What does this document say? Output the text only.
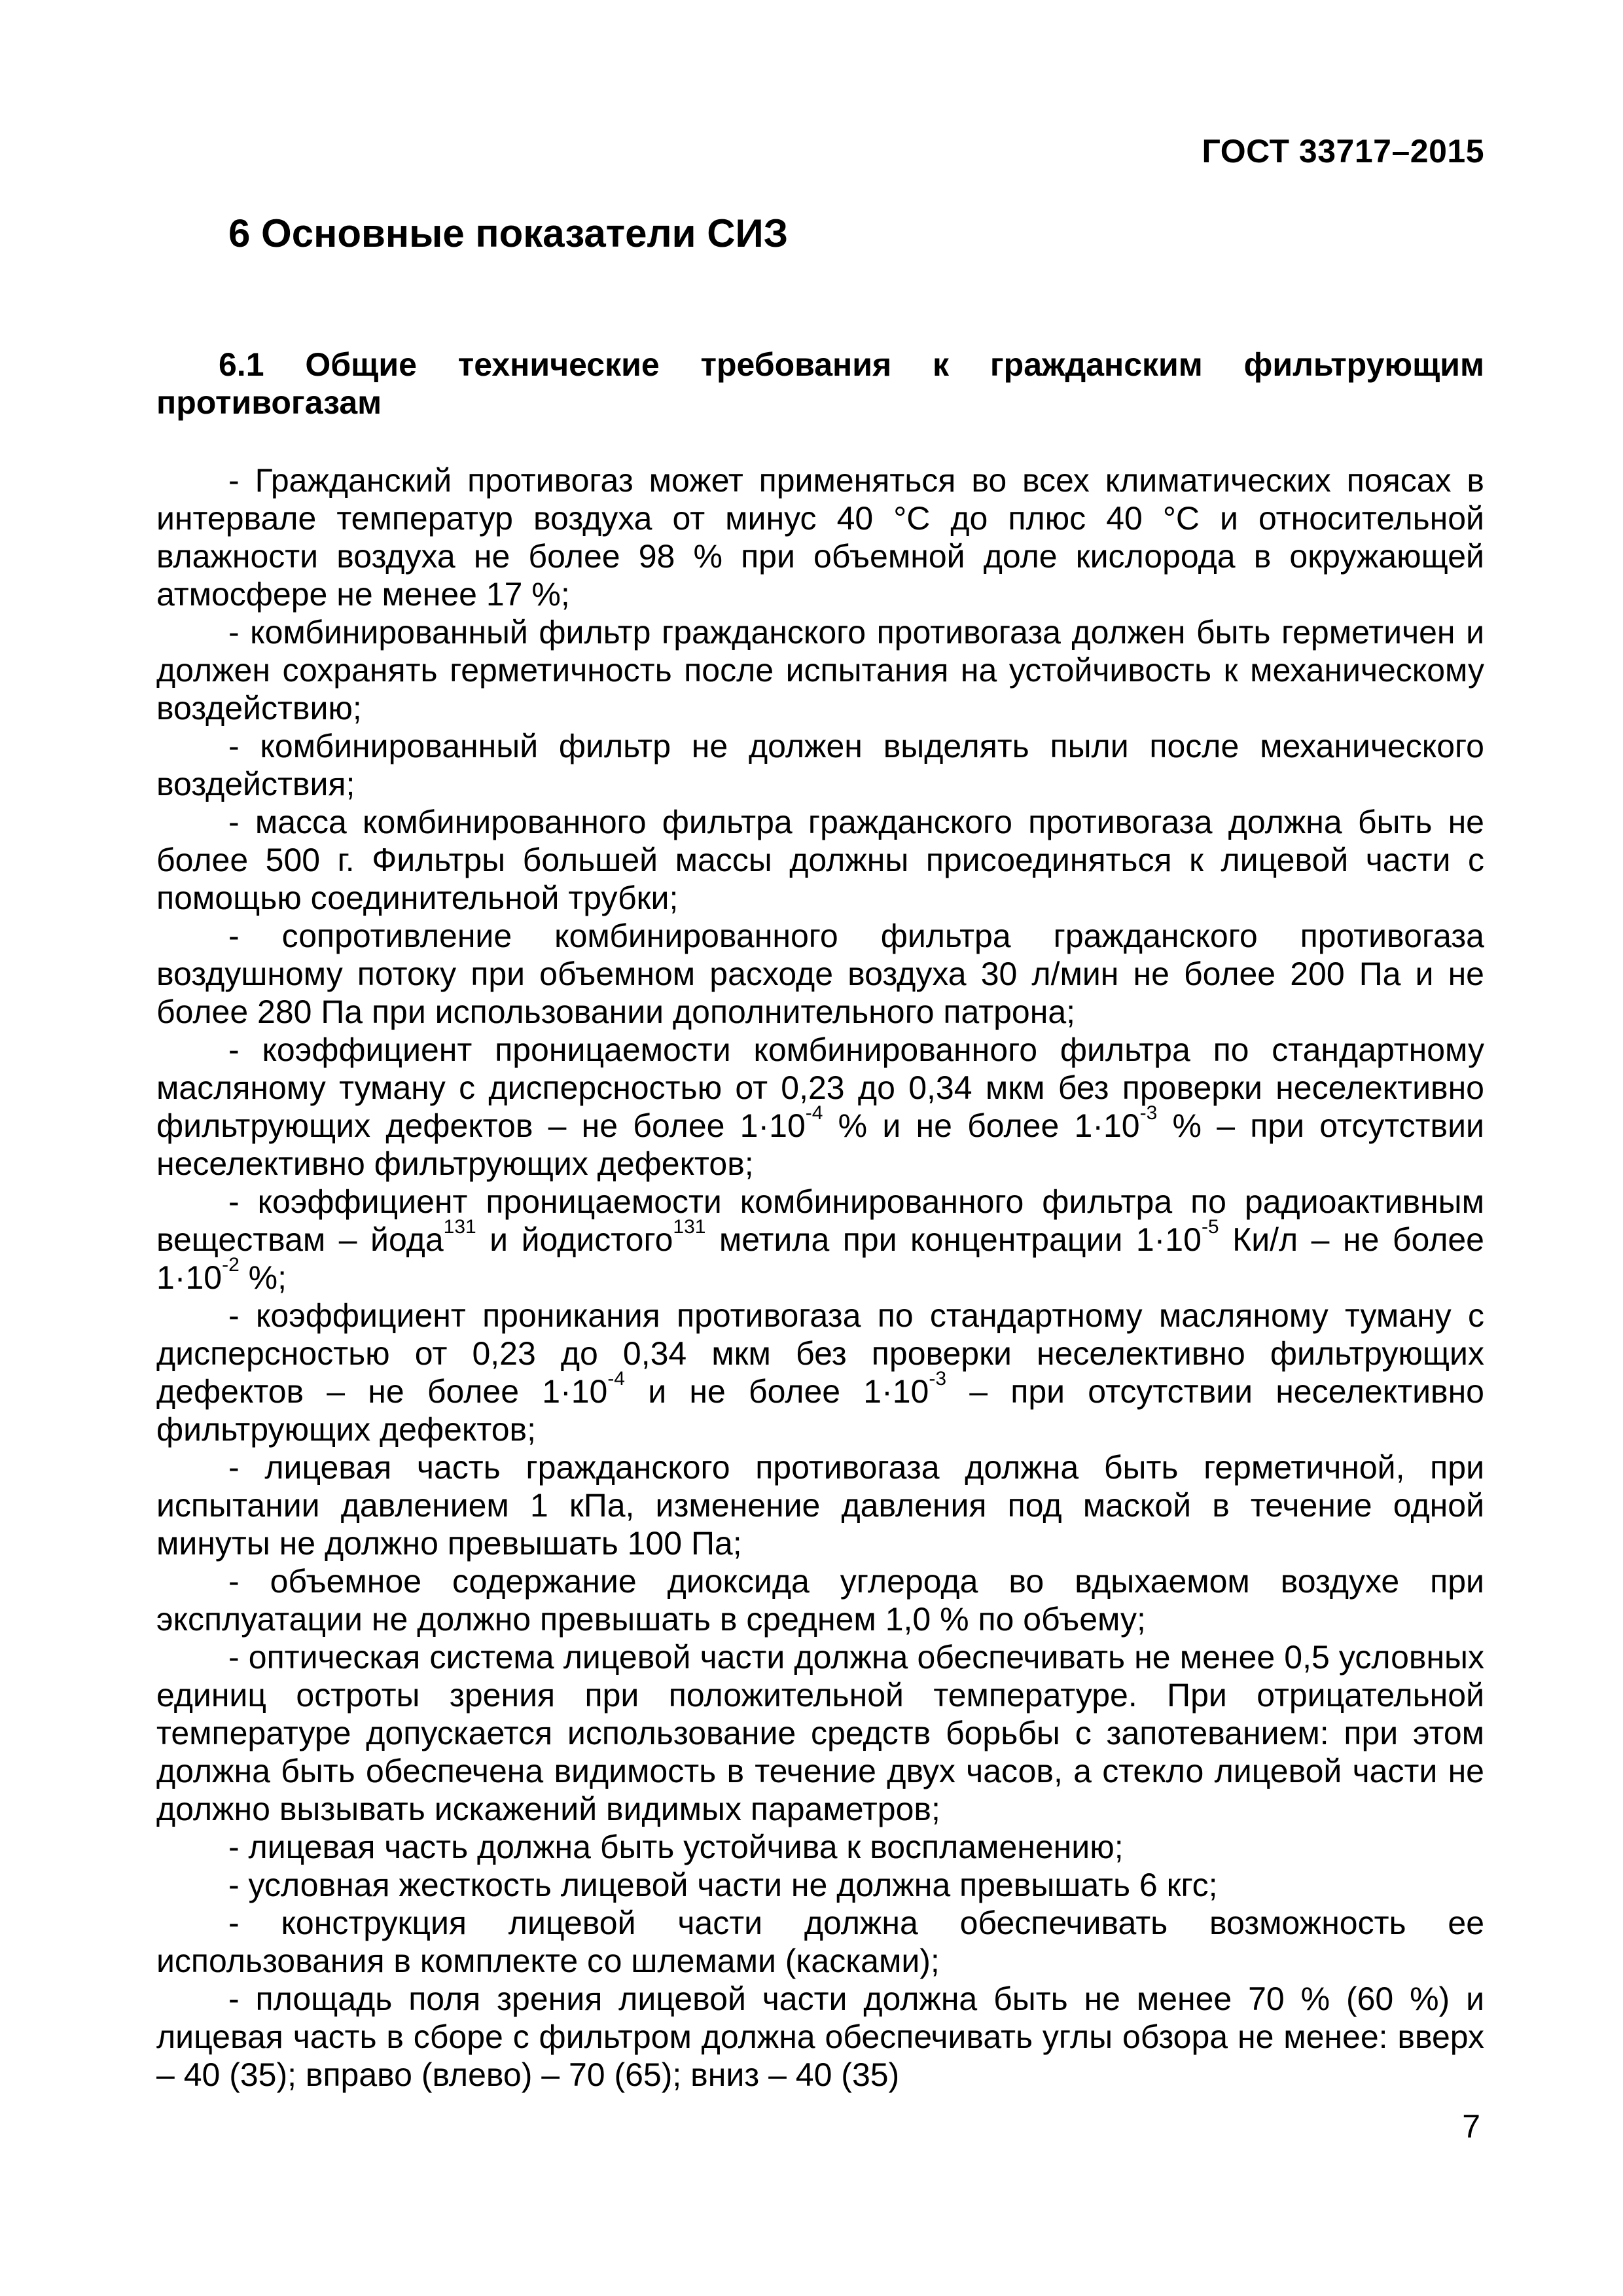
ГОСТ 33717–2015
6 Основные показатели СИЗ
6.1 Общие технические требования к гражданским фильтрующим противогазам

- Гражданский противогаз может применяться во всех климатических поясах в интервале температур воздуха от минус 40 °С до плюс 40 °С и относительной влажности воздуха не более 98 % при объемной доле кислорода в окружающей атмосфере не менее 17 %;

- комбинированный фильтр гражданского противогаза должен быть герметичен и должен сохранять герметичность после испытания на устойчивость к механическому воздействию;

- комбинированный фильтр не должен выделять пыли после механического воздействия;

- масса комбинированного фильтра гражданского противогаза должна быть не более 500 г. Фильтры большей массы должны присоединяться к лицевой части с помощью соединительной трубки;

- сопротивление комбинированного фильтра гражданского противогаза воздушному потоку при объемном расходе воздуха 30 л/мин не более 200 Па и не более 280 Па при использовании дополнительного патрона;

- коэффициент проницаемости комбинированного фильтра по стандартному масляному туману с дисперсностью от 0,23 до 0,34 мкм без проверки неселективно фильтрующих дефектов – не более $1\cdot 10^{-4}$ % и не более $1\cdot 10^{-3}$ % – при отсутствии неселективно фильтрующих дефектов;

- коэффициент проницаемости комбинированного фильтра по радиоактивным веществам – йода$^{131}$ и йодистого$^{131}$ метила при концентрации $1\cdot 10^{-5}$ Ки/л – не более $1\cdot 10^{-2}$ %;

- коэффициент проникания противогаза по стандартному масляному туману с дисперсностью от 0,23 до 0,34 мкм без проверки неселективно фильтрующих дефектов – не более $1\cdot 10^{-4}$ и не более $1\cdot 10^{-3}$ – при отсутствии неселективно фильтрующих дефектов;

- лицевая часть гражданского противогаза должна быть герметичной, при испытании давлением 1 кПа, изменение давления под маской в течение одной минуты не должно превышать 100 Па;

- объемное содержание диоксида углерода во вдыхаемом воздухе при эксплуатации не должно превышать в среднем 1,0 % по объему;

- оптическая система лицевой части должна обеспечивать не менее 0,5 условных единиц остроты зрения при положительной температуре. При отрицательной температуре допускается использование средств борьбы с запотеванием: при этом должна быть обеспечена видимость в течение двух часов, а стекло лицевой части не должно вызывать искажений видимых параметров;

- лицевая часть должна быть устойчива к воспламенению;

- условная жесткость лицевой части не должна превышать 6 кгс;

- конструкция лицевой части должна обеспечивать возможность ее использования в комплекте со шлемами (касками);

- площадь поля зрения лицевой части должна быть не менее 70 % (60 %) и лицевая часть в сборе с фильтром должна обеспечивать углы обзора не менее: вверх – 40 (35); вправо (влево) – 70 (65); вниз – 40 (35)

7
